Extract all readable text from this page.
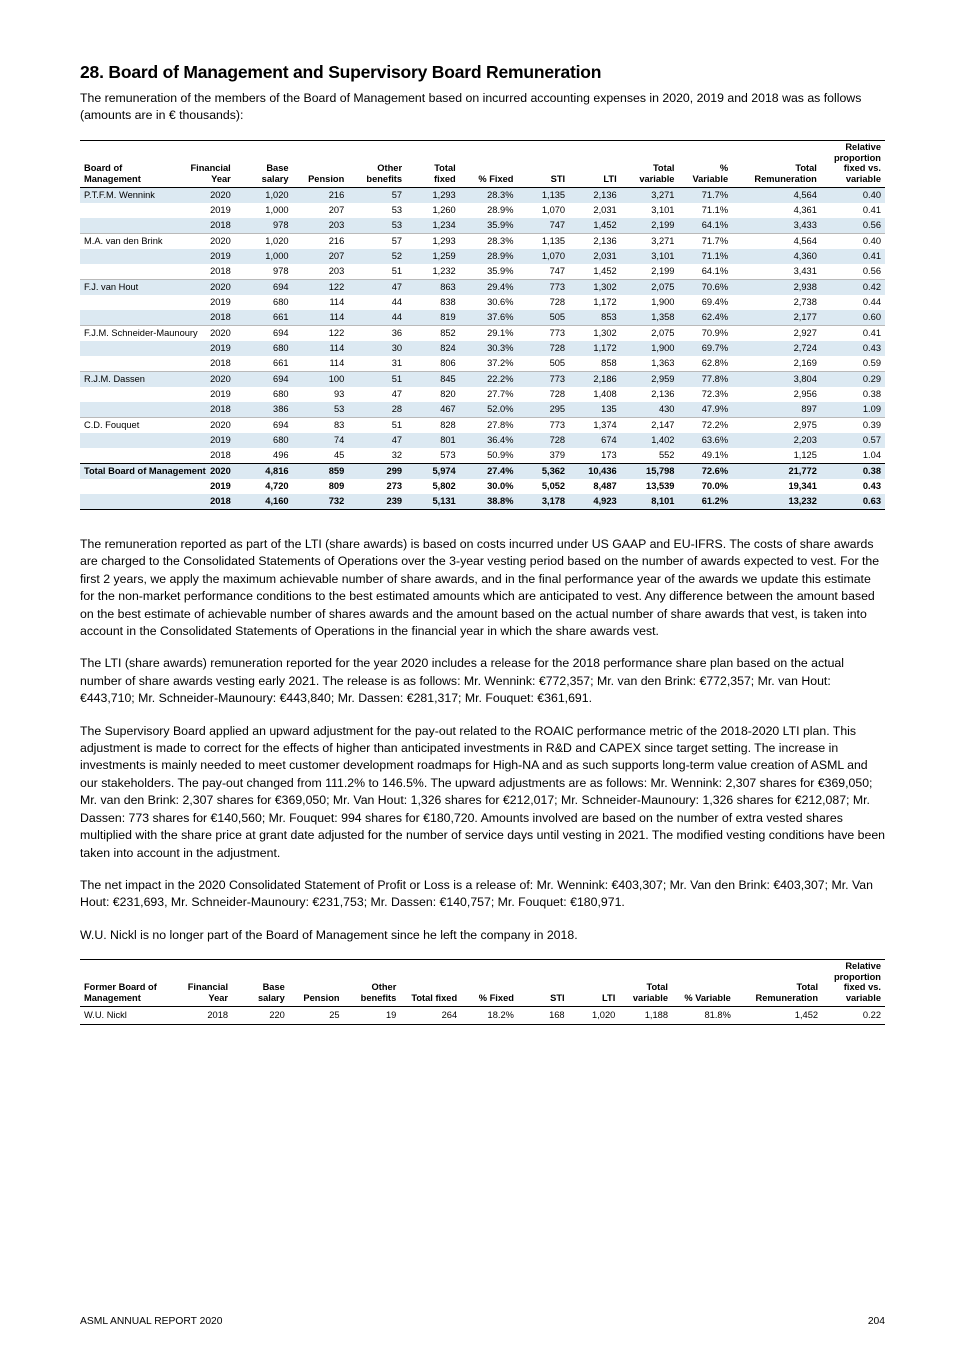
28. Board of Management and Supervisory Board Remuneration

The remuneration of the members of the Board of Management based on incurred accounting expenses in 2020, 2019 and 2018 was as follows (amounts are in € thousands):

Board of Management	Financial Year	Base salary	Pension	Other benefits	Total fixed	% Fixed	STI	LTI	Total variable	% Variable	Total Remuneration	Relative proportion fixed vs. variable
P.T.F.M. Wennink	2020	1,020	216	57	1,293	28.3%	1,135	2,136	3,271	71.7%	4,564	0.40
	2019	1,000	207	53	1,260	28.9%	1,070	2,031	3,101	71.1%	4,361	0.41
	2018	978	203	53	1,234	35.9%	747	1,452	2,199	64.1%	3,433	0.56
M.A. van den Brink	2020	1,020	216	57	1,293	28.3%	1,135	2,136	3,271	71.7%	4,564	0.40
	2019	1,000	207	52	1,259	28.9%	1,070	2,031	3,101	71.1%	4,360	0.41
	2018	978	203	51	1,232	35.9%	747	1,452	2,199	64.1%	3,431	0.56
F.J. van Hout	2020	694	122	47	863	29.4%	773	1,302	2,075	70.6%	2,938	0.42
	2019	680	114	44	838	30.6%	728	1,172	1,900	69.4%	2,738	0.44
	2018	661	114	44	819	37.6%	505	853	1,358	62.4%	2,177	0.60
F.J.M. Schneider-Maunoury	2020	694	122	36	852	29.1%	773	1,302	2,075	70.9%	2,927	0.41
	2019	680	114	30	824	30.3%	728	1,172	1,900	69.7%	2,724	0.43
	2018	661	114	31	806	37.2%	505	858	1,363	62.8%	2,169	0.59
R.J.M. Dassen	2020	694	100	51	845	22.2%	773	2,186	2,959	77.8%	3,804	0.29
	2019	680	93	47	820	27.7%	728	1,408	2,136	72.3%	2,956	0.38
	2018	386	53	28	467	52.0%	295	135	430	47.9%	897	1.09
C.D. Fouquet	2020	694	83	51	828	27.8%	773	1,374	2,147	72.2%	2,975	0.39
	2019	680	74	47	801	36.4%	728	674	1,402	63.6%	2,203	0.57
	2018	496	45	32	573	50.9%	379	173	552	49.1%	1,125	1.04
Total Board of Management	2020	4,816	859	299	5,974	27.4%	5,362	10,436	15,798	72.6%	21,772	0.38
	2019	4,720	809	273	5,802	30.0%	5,052	8,487	13,539	70.0%	19,341	0.43
	2018	4,160	732	239	5,131	38.8%	3,178	4,923	8,101	61.2%	13,232	0.63

The remuneration reported as part of the LTI (share awards) is based on costs incurred under US GAAP and EU-IFRS. The costs of share awards are charged to the Consolidated Statements of Operations over the 3-year vesting period based on the number of awards expected to vest. For the first 2 years, we apply the maximum achievable number of share awards, and in the final performance year of the awards we update this estimate for the non-market performance conditions to the best estimated amounts which are anticipated to vest. Any difference between the amount based on the best estimate of achievable number of shares awards and the amount based on the actual number of share awards that vest, is taken into account in the Consolidated Statements of Operations in the financial year in which the share awards vest.

The LTI (share awards) remuneration reported for the year 2020 includes a release for the 2018 performance share plan based on the actual number of share awards vesting early 2021. The release is as follows: Mr. Wennink: €772,357; Mr. van den Brink: €772,357; Mr. van Hout: €443,710; Mr. Schneider-Maunoury: €443,840; Mr. Dassen: €281,317; Mr. Fouquet: €361,691.

The Supervisory Board applied an upward adjustment for the pay-out related to the ROAIC performance metric of the 2018-2020 LTI plan. This adjustment is made to correct for the effects of higher than anticipated investments in R&D and CAPEX since target setting. The increase in investments is mainly needed to meet customer development roadmaps for High-NA and as such supports long-term value creation of ASML and our stakeholders. The pay-out changed from 111.2% to 146.5%. The upward adjustments are as follows: Mr. Wennink: 2,307 shares for €369,050; Mr. van den Brink: 2,307 shares for €369,050; Mr. Van Hout: 1,326 shares for €212,017; Mr. Schneider-Maunoury: 1,326 shares for €212,087; Mr. Dassen: 773 shares for €140,560; Mr. Fouquet: 994 shares for €180,720. Amounts involved are based on the number of extra vested shares multiplied with the share price at grant date adjusted for the number of service days until vesting in 2021. The modified vesting conditions have been taken into account in the adjustment.

The net impact in the 2020 Consolidated Statement of Profit or Loss is a release of: Mr. Wennink: €403,307; Mr. Van den Brink: €403,307; Mr. Van Hout: €231,693, Mr. Schneider-Maunoury: €231,753; Mr. Dassen: €140,757; Mr. Fouquet: €180,971.

W.U. Nickl is no longer part of the Board of Management since he left the company in 2018.

Former Board of Management	Financial Year	Base salary	Pension	Other benefits	Total fixed	% Fixed	STI	LTI	Total variable	% Variable	Total Remuneration	Relative proportion fixed vs. variable
W.U. Nickl	2018	220	25	19	264	18.2%	168	1,020	1,188	81.8%	1,452	0.22
ASML ANNUAL REPORT 2020	204
